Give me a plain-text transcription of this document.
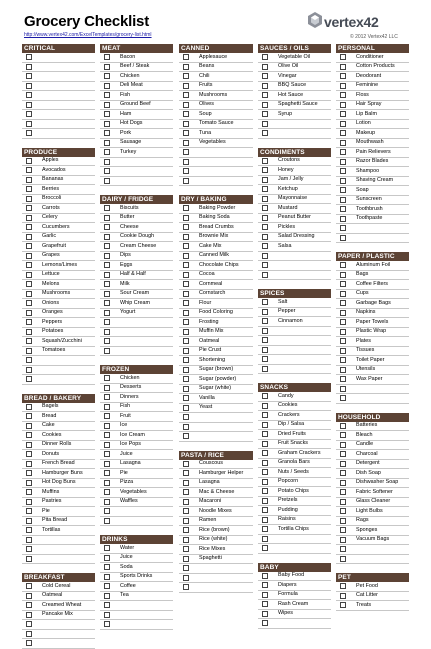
Grocery Checklist
http://www.vertex42.com/ExcelTemplates/grocery-list.html
vertex42
© 2012 Vertex42 LLC
CRITICAL
PRODUCE
Apples
Avocados
Bananas
Berries
Broccoli
Carrots
Celery
Cucumbers
Garlic
Grapefruit
Grapes
Lemons/Limes
Lettuce
Melons
Mushrooms
Onions
Oranges
Peppers
Potatoes
Squash/Zucchini
Tomatoes
BREAD / BAKERY
Bagels
Bread
Cake
Cookies
Dinner Rolls
Donuts
French Bread
Hamburger Buns
Hot Dog Buns
Muffins
Pastries
Pie
Pita Bread
Tortillas
BREAKFAST
Cold Cereal
Oatmeal
Creamed Wheat
Pancake Mix
MEAT
Bacon
Beef / Steak
Chicken
Deli Meat
Fish
Ground Beef
Ham
Hot Dogs
Pork
Sausage
Turkey
DAIRY / FRIDGE
Biscuits
Butter
Cheese
Cookie Dough
Cream Cheese
Dips
Eggs
Half & Half
Milk
Sour Cream
Whip Cream
Yogurt
FROZEN
Chicken
Desserts
Dinners
Fish
Fruit
Ice
Ice Cream
Ice Pops
Juice
Lasagna
Pie
Pizza
Vegetables
Waffles
DRINKS
Water
Juice
Soda
Sports Drinks
Coffee
Tea
CANNED
Applesauce
Beans
Chili
Fruits
Mushrooms
Olives
Soup
Tomato Sauce
Tuna
Vegetables
DRY / BAKING
Baking Powder
Baking Soda
Bread Crumbs
Brownie Mix
Cake Mix
Canned Milk
Chocolate Chips
Cocoa
Cornmeal
Cornstarch
Flour
Food Coloring
Frosting
Muffin Mix
Oatmeal
Pie Crust
Shortening
Sugar (brown)
Sugar (powder)
Sugar (white)
Vanilla
Yeast
PASTA / RICE
Couscous
Hamburger Helper
Lasagna
Mac & Cheese
Macaroni
Noodle Mixes
Ramen
Rice (brown)
Rice (white)
Rice Mixes
Spaghetti
SAUCES / OILS
Vegetable Oil
Olive Oil
Vinegar
BBQ Sauce
Hot Sauce
Spaghetti Sauce
Syrup
CONDIMENTS
Croutons
Honey
Jam / Jelly
Ketchup
Mayonnaise
Mustard
Peanut Butter
Pickles
Salad Dressing
Salsa
SPICES
Salt
Pepper
Cinnamon
SNACKS
Candy
Cookies
Crackers
Dip / Salsa
Dried Fruits
Fruit Snacks
Graham Crackers
Granola Bars
Nuts / Seeds
Popcorn
Potato Chips
Pretzels
Pudding
Raisins
Tortilla Chips
BABY
Baby Food
Diapers
Formula
Rash Cream
Wipes
PERSONAL
Conditioner
Cotton Products
Deodorant
Feminine
Floss
Hair Spray
Lip Balm
Lotion
Makeup
Mouthwash
Pain Relievers
Razor Blades
Shampoo
Shaving Cream
Soap
Sunscreen
Toothbrush
Toothpaste
PAPER / PLASTIC
Aluminum Foil
Bags
Coffee Filters
Cups
Garbage Bags
Napkins
Paper Towels
Plastic Wrap
Plates
Tissues
Toilet Paper
Utensils
Wax Paper
HOUSEHOLD
Batteries
Bleach
Candle
Charcoal
Detergent
Dish Soap
Dishwasher Soap
Fabric Softener
Glass Cleaner
Light Bulbs
Rags
Sponges
Vacuum Bags
PET
Pet Food
Cat Litter
Treats
